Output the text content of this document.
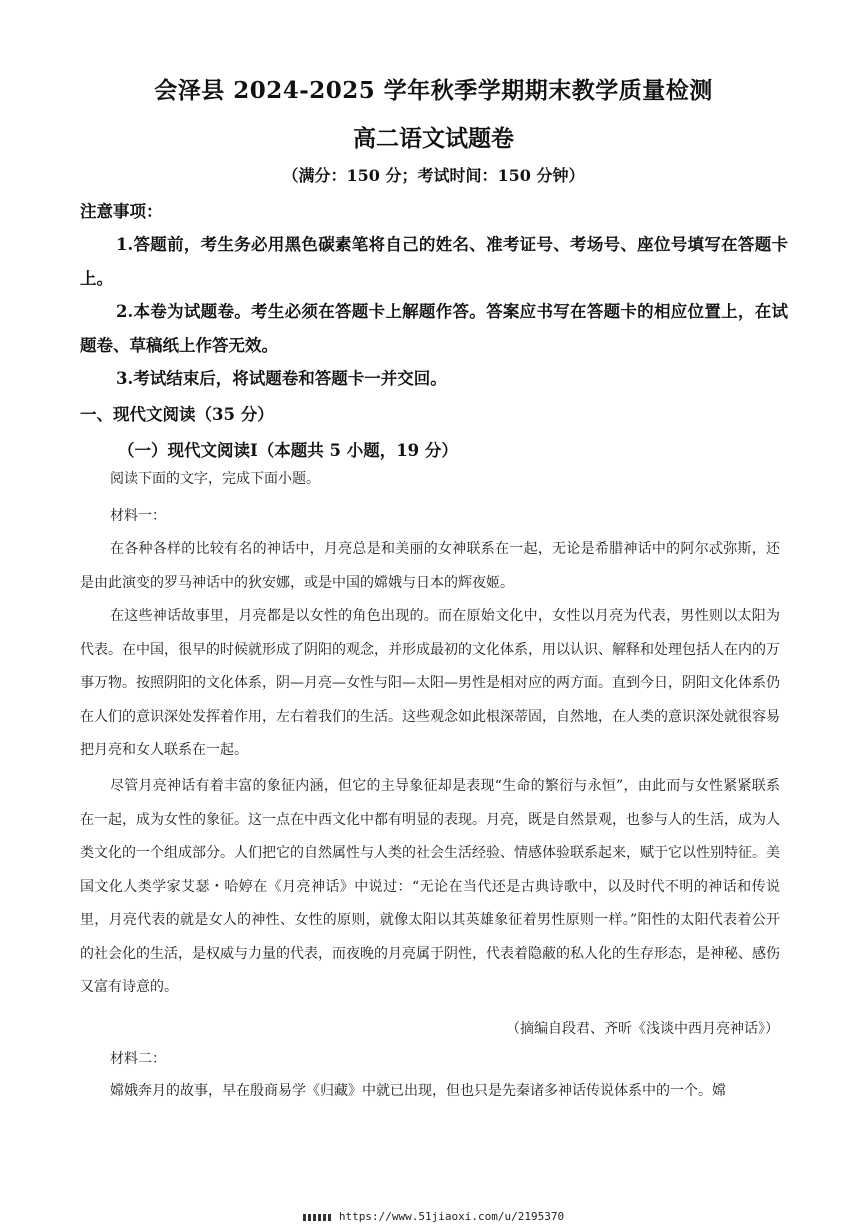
会泽县 2024-2025 学年秋季学期期末教学质量检测
高二语文试题卷
（满分：150 分；考试时间：150 分钟）
注意事项：
1.答题前，考生务必用黑色碳素笔将自己的姓名、准考证号、考场号、座位号填写在答题卡上。
2.本卷为试题卷。考生必须在答题卡上解题作答。答案应书写在答题卡的相应位置上，在试题卷、草稿纸上作答无效。
3.考试结束后，将试题卷和答题卡一并交回。
一、现代文阅读（35 分）
（一）现代文阅读Ⅰ（本题共 5 小题，19 分）
阅读下面的文字，完成下面小题。
材料一：
在各种各样的比较有名的神话中，月亮总是和美丽的女神联系在一起，无论是希腊神话中的阿尔忒弥斯，还是由此演变的罗马神话中的狄安娜，或是中国的嫦娥与日本的辉夜姬。
在这些神话故事里，月亮都是以女性的角色出现的。而在原始文化中，女性以月亮为代表，男性则以太阳为代表。在中国，很早的时候就形成了阴阳的观念，并形成最初的文化体系，用以认识、解释和处理包括人在内的万事万物。按照阴阳的文化体系，阴—月亮—女性与阳—太阳—男性是相对应的两方面。直到今日，阴阳文化体系仍在人们的意识深处发挥着作用，左右着我们的生活。这些观念如此根深蒂固，自然地，在人类的意识深处就很容易把月亮和女人联系在一起。
尽管月亮神话有着丰富的象征内涵，但它的主导象征却是表现“生命的繁衍与永恒”，由此而与女性紧紧联系在一起，成为女性的象征。这一点在中西文化中都有明显的表现。月亮，既是自然景观，也参与人的生活，成为人类文化的一个组成部分。人们把它的自然属性与人类的社会生活经验、情感体验联系起来，赋于它以性别特征。美国文化人类学家艾瑟・哈婷在《月亮神话》中说过：“无论在当代还是古典诗歌中，以及时代不明的神话和传说里，月亮代表的就是女人的神性、女性的原则，就像太阳以其英雄象征着男性原则一样。”阳性的太阳代表着公开的社会化的生活，是权威与力量的代表，而夜晚的月亮属于阴性，代表着隐蔽的私人化的生存形态，是神秘、感伤又富有诗意的。
（摘编自段君、齐昕《浅谈中西月亮神话》）
材料二：
嫦娥奔月的故事，早在殷商易学《归藏》中就已出现，但也只是先秦诸多神话传说体系中的一个。嫦
https://www.51jiaoxi.com/u/2195370
